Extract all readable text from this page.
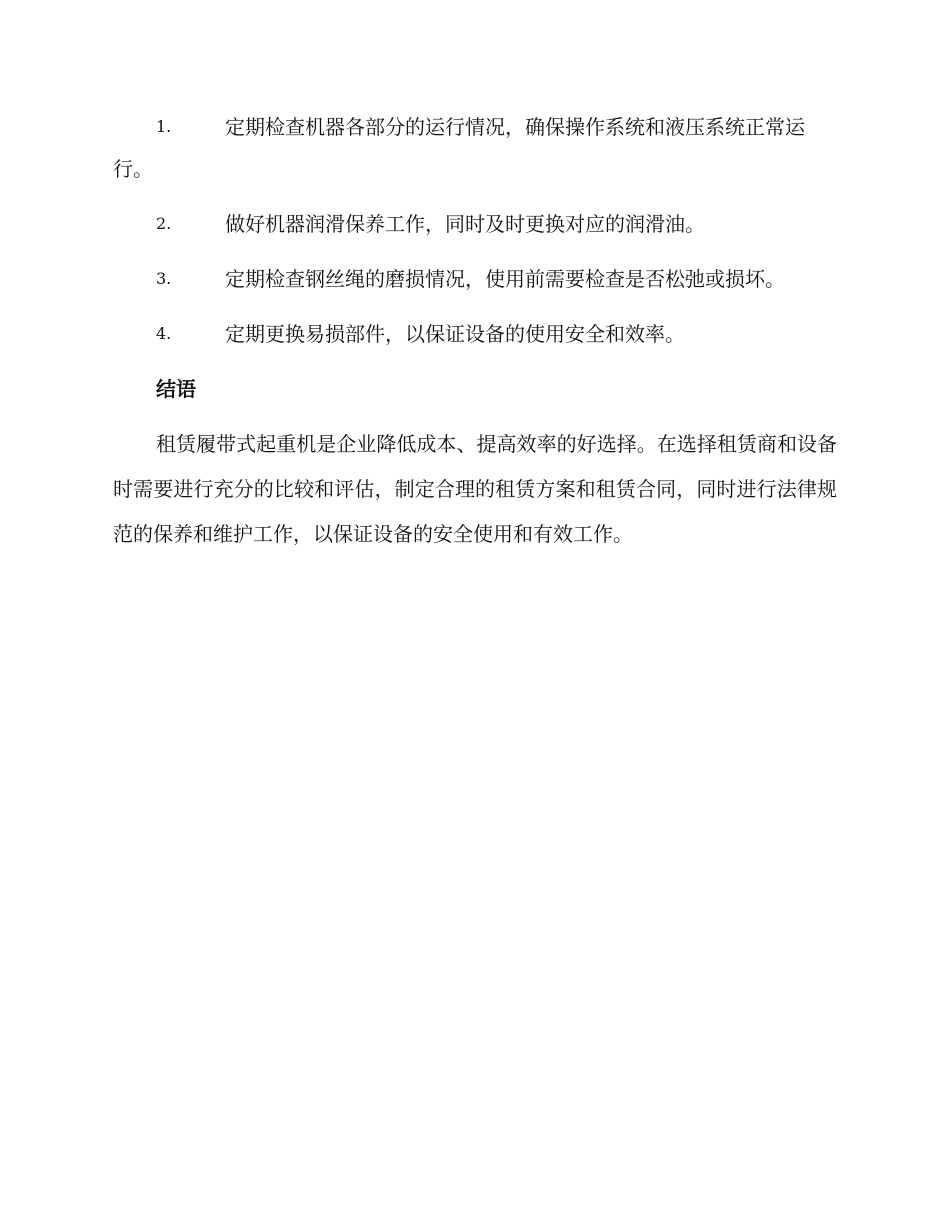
1.	定期检查机器各部分的运行情况，确保操作系统和液压系统正常运行。
2.	做好机器润滑保养工作，同时及时更换对应的润滑油。
3.	定期检查钢丝绳的磨损情况，使用前需要检查是否松弛或损坏。
4.	定期更换易损部件，以保证设备的使用安全和效率。
结语
租赁履带式起重机是企业降低成本、提高效率的好选择。在选择租赁商和设备时需要进行充分的比较和评估，制定合理的租赁方案和租赁合同，同时进行法律规范的保养和维护工作，以保证设备的安全使用和有效工作。
